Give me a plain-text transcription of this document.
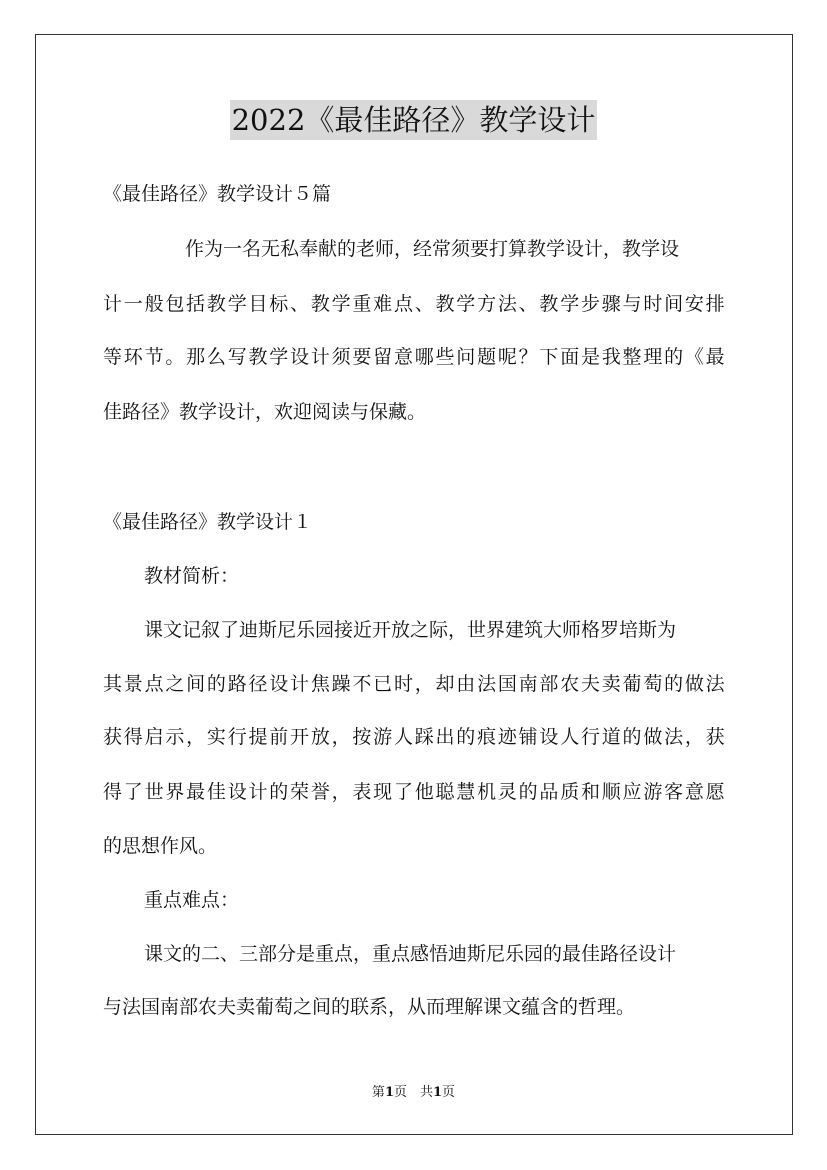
2022《最佳路径》教学设计
《最佳路径》教学设计５篇
作为一名无私奉献的老师，经常须要打算教学设计，教学设
计 一 般 包 括 教 学 目 标 、 教 学 重 难 点 、 教 学 方 法 、 教 学 步 骤 与 时 间 安 排
等 环 节 。 那 么 写 教 学 设 计 须 要 留 意 哪 些 问 题 呢 ？ 下 面 是 我 整 理 的 《 最
佳路径》教学设计，欢迎阅读与保藏。
《最佳路径》教学设计１
教材简析：
课文记叙了迪斯尼乐园接近开放之际，世界建筑大师格罗培斯为
其 景 点 之 间 的 路 径 设 计 焦 躁 不 已 时 ， 却 由 法 国 南 部 农 夫 卖 葡 萄 的 做 法
获 得 启 示 ， 实 行 提 前 开 放 ， 按 游 人 踩 出 的 痕 迹 铺 设 人 行 道 的 做 法 ， 获
得 了 世 界 最 佳 设 计 的 荣 誉 ， 表 现 了 他 聪 慧 机 灵 的 品 质 和 顺 应 游 客 意 愿
的思想作风。
重点难点：
课文的二、三部分是重点，重点感悟迪斯尼乐园的最佳路径设计
与法国南部农夫卖葡萄之间的联系，从而理解课文蕴含的哲理。
第1页　共1页
